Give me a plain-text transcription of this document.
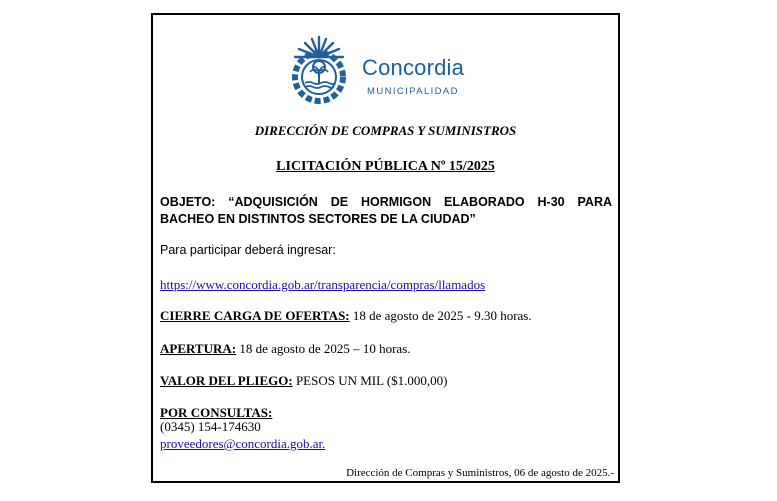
Concordia
MUNICIPALIDAD
DIRECCIÓN DE COMPRAS Y SUMINISTROS
LICITACIÓN PÚBLICA Nº 15/2025
OBJETO: “ADQUISICIÓN DE HORMIGON ELABORADO H-30 PARA BACHEO EN DISTINTOS SECTORES DE LA CIUDAD”
Para participar deberá ingresar:
https://www.concordia.gob.ar/transparencia/compras/llamados
CIERRE CARGA DE OFERTAS: 18 de agosto de 2025 - 9.30 horas.
APERTURA: 18 de agosto de 2025 – 10 horas.
VALOR DEL PLIEGO: PESOS UN MIL ($1.000,00)
POR CONSULTAS:
(0345) 154-174630
proveedores@concordia.gob.ar.
Dirección de Compras y Suministros, 06 de agosto de 2025.-
